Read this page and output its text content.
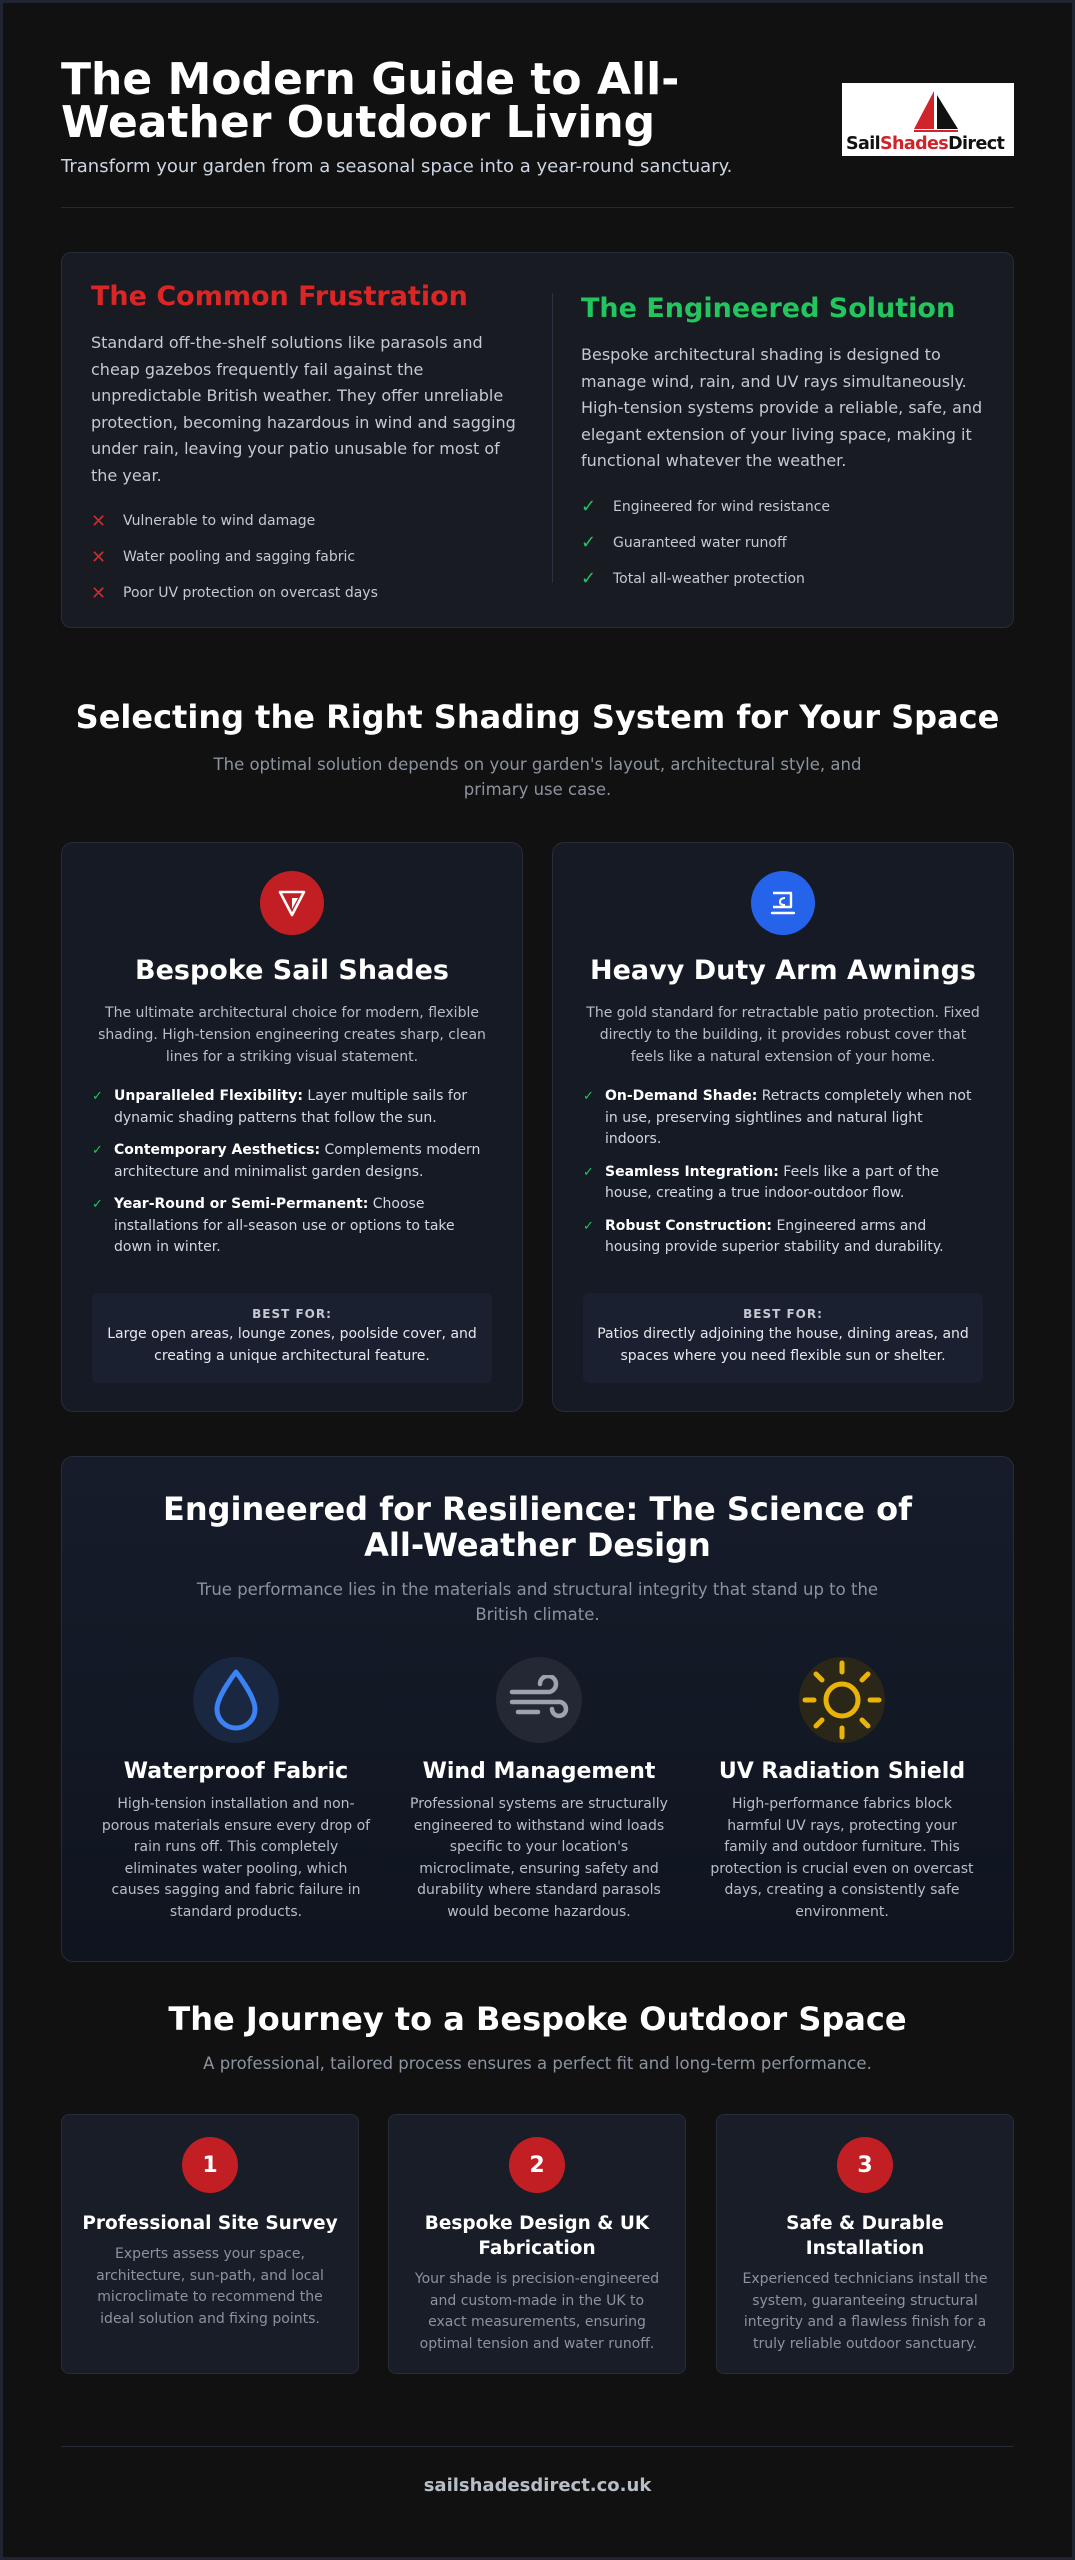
The Modern Guide to All-Weather Outdoor Living
Transform your garden from a seasonal space into a year-round sanctuary.
SailShadesDirect
The Common Frustration

Standard off-the-shelf solutions like parasols and cheap gazebos frequently fail against the unpredictable British weather. They offer unreliable protection, becoming hazardous in wind and sagging under rain, leaving your patio unusable for most of the year.

✕	Vulnerable to wind damage
✕	Water pooling and sagging fabric
✕	Poor UV protection on overcast days
The Engineered Solution

Bespoke architectural shading is designed to manage wind, rain, and UV rays simultaneously. High-tension systems provide a reliable, safe, and elegant extension of your living space, making it functional whatever the weather.

✓	Engineered for wind resistance
✓	Guaranteed water runoff
✓	Total all-weather protection
Selecting the Right Shading System for Your Space

The optimal solution depends on your garden's layout, architectural style, and primary use case.

Bespoke Sail Shades
The ultimate architectural choice for modern, flexible shading. High-tension engineering creates sharp, clean lines for a striking visual statement.
✓ Unparalleled Flexibility: Layer multiple sails for dynamic shading patterns that follow the sun.
✓ Contemporary Aesthetics: Complements modern architecture and minimalist garden designs.
✓ Year-Round or Semi-Permanent: Choose installations for all-season use or options to take down in winter.
BEST FOR:
Large open areas, lounge zones, poolside cover, and creating a unique architectural feature.
Heavy Duty Arm Awnings
The gold standard for retractable patio protection. Fixed directly to the building, it provides robust cover that feels like a natural extension of your home.
✓ On-Demand Shade: Retracts completely when not in use, preserving sightlines and natural light indoors.
✓ Seamless Integration: Feels like a part of the house, creating a true indoor-outdoor flow.
✓ Robust Construction: Engineered arms and housing provide superior stability and durability.
BEST FOR:
Patios directly adjoining the house, dining areas, and spaces where you need flexible sun or shelter.
Engineered for Resilience: The Science of All-Weather Design
True performance lies in the materials and structural integrity that stand up to the British climate.
Waterproof Fabric

High-tension installation and non-porous materials ensure every drop of rain runs off. This completely eliminates water pooling, which causes sagging and fabric failure in standard products.

Wind Management

Professional systems are structurally engineered to withstand wind loads specific to your location's microclimate, ensuring safety and durability where standard parasols would become hazardous.

UV Radiation Shield

High-performance fabrics block harmful UV rays, protecting your family and outdoor furniture. This protection is crucial even on overcast days, creating a consistently safe environment.

The Journey to a Bespoke Outdoor Space

A professional, tailored process ensures a perfect fit and long-term performance.

1
Professional Site Survey

Experts assess your space, architecture, sun-path, and local microclimate to recommend the ideal solution and fixing points.

2
Bespoke Design & UK Fabrication

Your shade is precision-engineered and custom-made in the UK to exact measurements, ensuring optimal tension and water runoff.

3
Safe & Durable Installation

Experienced technicians install the system, guaranteeing structural integrity and a flawless finish for a truly reliable outdoor sanctuary.

sailshadesdirect.co.uk
